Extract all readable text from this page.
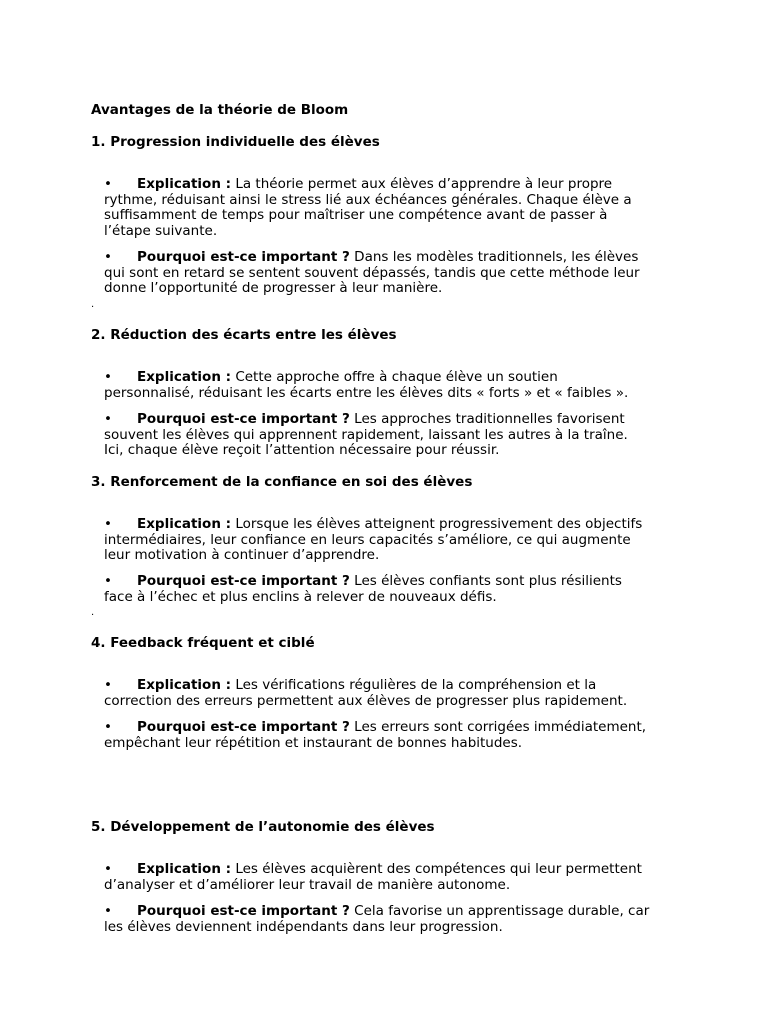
Avantages de la théorie de Bloom
1. Progression individuelle des élèves

• Explication : La théorie permet aux élèves d’apprendre à leur propre
rythme, réduisant ainsi le stress lié aux échéances générales. Chaque élève a
suffisamment de temps pour maîtriser une compétence avant de passer à
l’étape suivante.

• Pourquoi est-ce important ? Dans les modèles traditionnels, les élèves
qui sont en retard se sentent souvent dépassés, tandis que cette méthode leur
donne l’opportunité de progresser à leur manière.

.
2. Réduction des écarts entre les élèves

• Explication : Cette approche offre à chaque élève un soutien
personnalisé, réduisant les écarts entre les élèves dits « forts » et « faibles ».

• Pourquoi est-ce important ? Les approches traditionnelles favorisent
souvent les élèves qui apprennent rapidement, laissant les autres à la traîne.
Ici, chaque élève reçoit l’attention nécessaire pour réussir.

3. Renforcement de la confiance en soi des élèves

• Explication : Lorsque les élèves atteignent progressivement des objectifs
intermédiaires, leur confiance en leurs capacités s’améliore, ce qui augmente
leur motivation à continuer d’apprendre.

• Pourquoi est-ce important ? Les élèves confiants sont plus résilients
face à l’échec et plus enclins à relever de nouveaux défis.

.
4. Feedback fréquent et ciblé

• Explication : Les vérifications régulières de la compréhension et la
correction des erreurs permettent aux élèves de progresser plus rapidement.

• Pourquoi est-ce important ? Les erreurs sont corrigées immédiatement,
empêchant leur répétition et instaurant de bonnes habitudes.

5. Développement de l’autonomie des élèves

• Explication : Les élèves acquièrent des compétences qui leur permettent
d’analyser et d’améliorer leur travail de manière autonome.

• Pourquoi est-ce important ? Cela favorise un apprentissage durable, car
les élèves deviennent indépendants dans leur progression.
